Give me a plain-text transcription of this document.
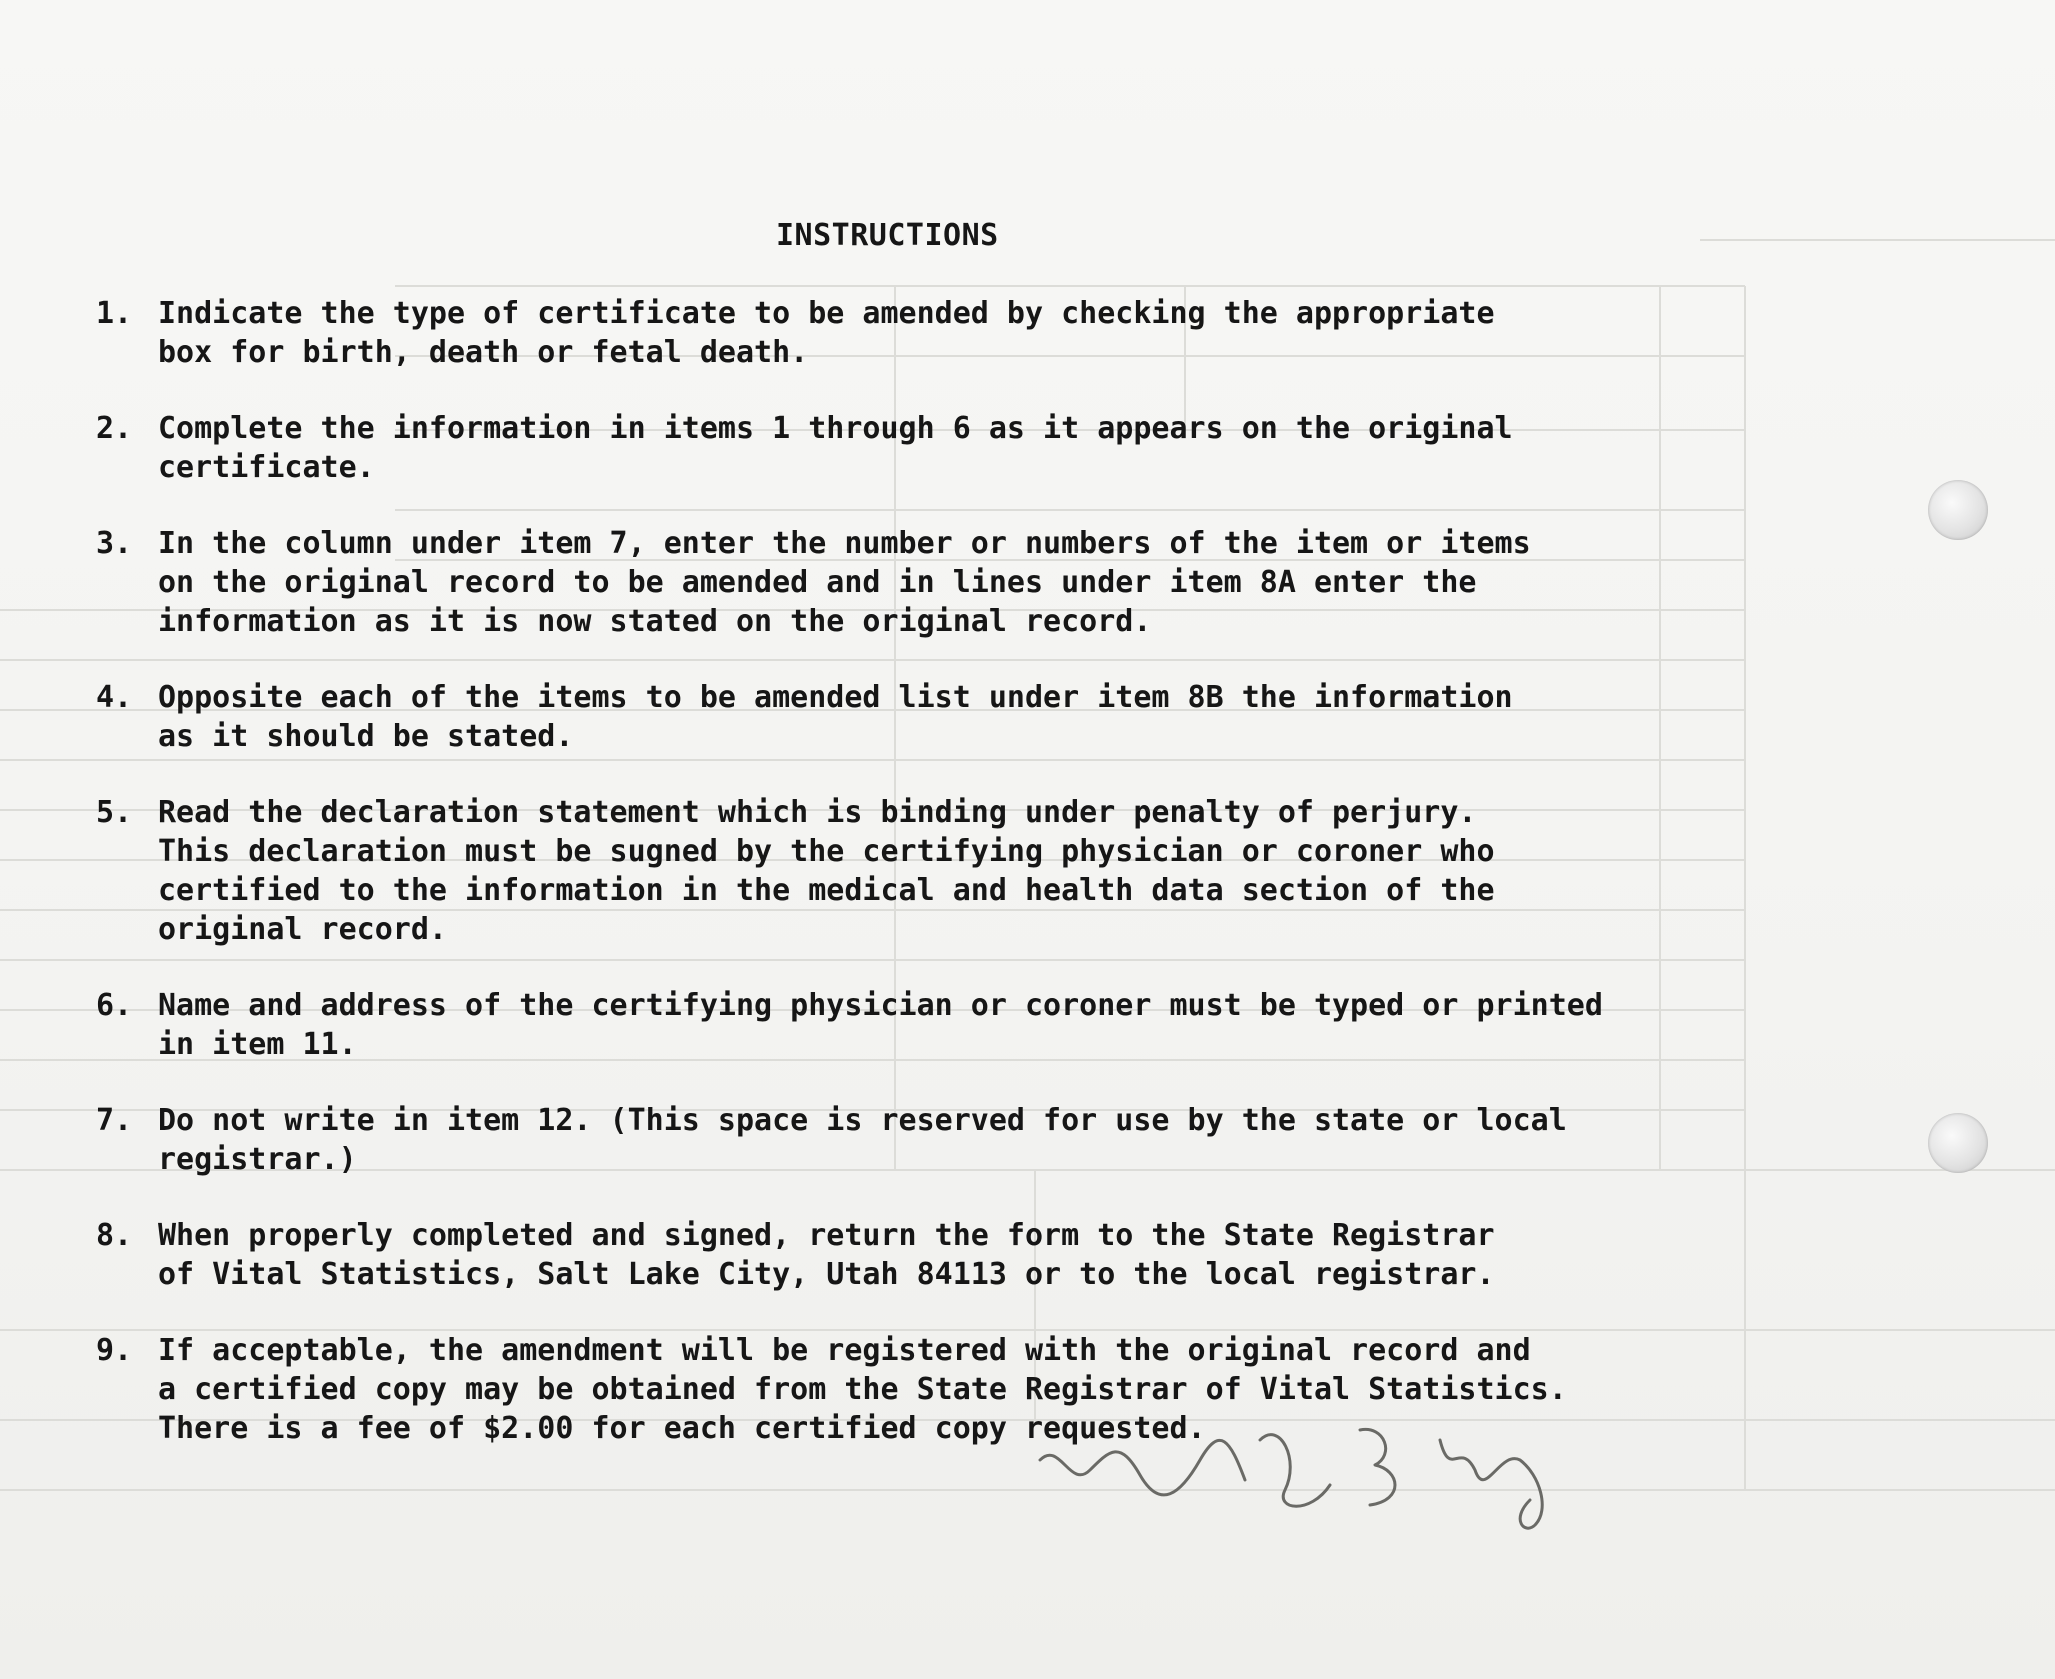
INSTRUCTIONS
1. Indicate the type of certificate to be amended by checking the appropriate
box for birth, death or fetal death.
2. Complete the information in items 1 through 6 as it appears on the original
certificate.
3. In the column under item 7, enter the number or numbers of the item or items
on the original record to be amended and in lines under item 8A enter the
information as it is now stated on the original record.
4. Opposite each of the items to be amended list under item 8B the information
as it should be stated.
5. Read the declaration statement which is binding under penalty of perjury.
This declaration must be sugned by the certifying physician or coroner who
certified to the information in the medical and health data section of the
original record.
6. Name and address of the certifying physician or coroner must be typed or printed
in item 11.
7. Do not write in item 12. (This space is reserved for use by the state or local
registrar.)
8. When properly completed and signed, return the form to the State Registrar
of Vital Statistics, Salt Lake City, Utah 84113 or to the local registrar.
9. If acceptable, the amendment will be registered with the original record and
a certified copy may be obtained from the State Registrar of Vital Statistics.
There is a fee of $2.00 for each certified copy requested.
